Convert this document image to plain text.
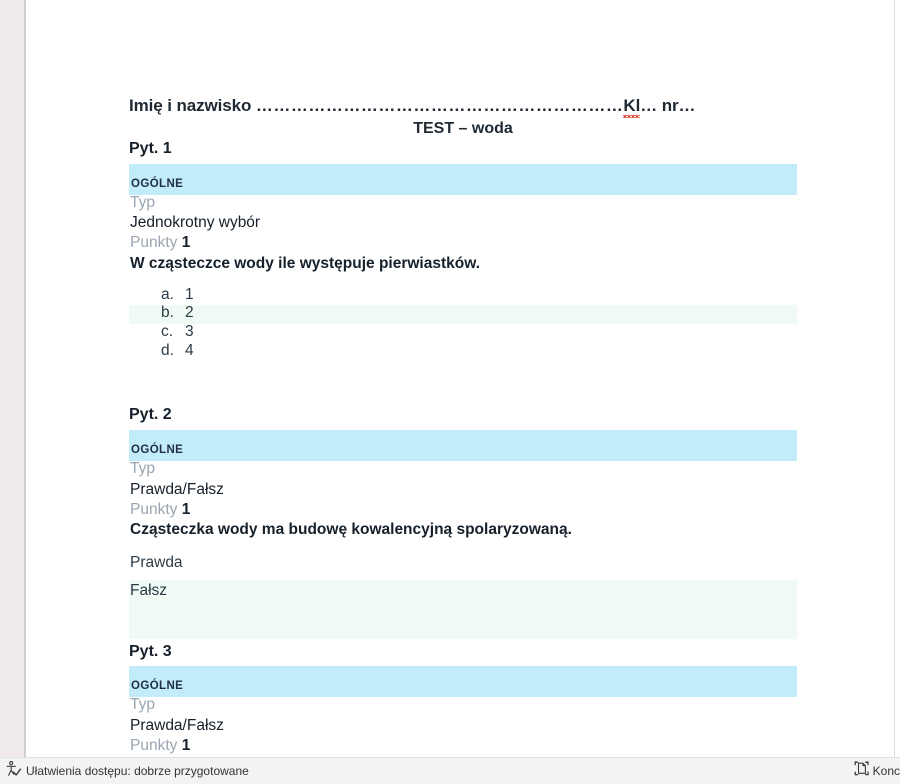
Imię i nazwisko ………………………………………………………Kl… nr…
TEST – woda
Pyt. 1
OGÓLNE
Typ
Jednokrotny wybór
Punkty 1
W cząsteczce wody ile występuje pierwiastków.
a. 1
b. 2
c. 3
d. 4
Pyt. 2
OGÓLNE
Typ
Prawda/Fałsz
Punkty 1
Cząsteczka wody ma budowę kowalencyjną spolaryzowaną.
Prawda
Fałsz
Pyt. 3
OGÓLNE
Typ
Prawda/Fałsz
Punkty 1
Ułatwienia dostępu: dobrze przygotowane	Konc
